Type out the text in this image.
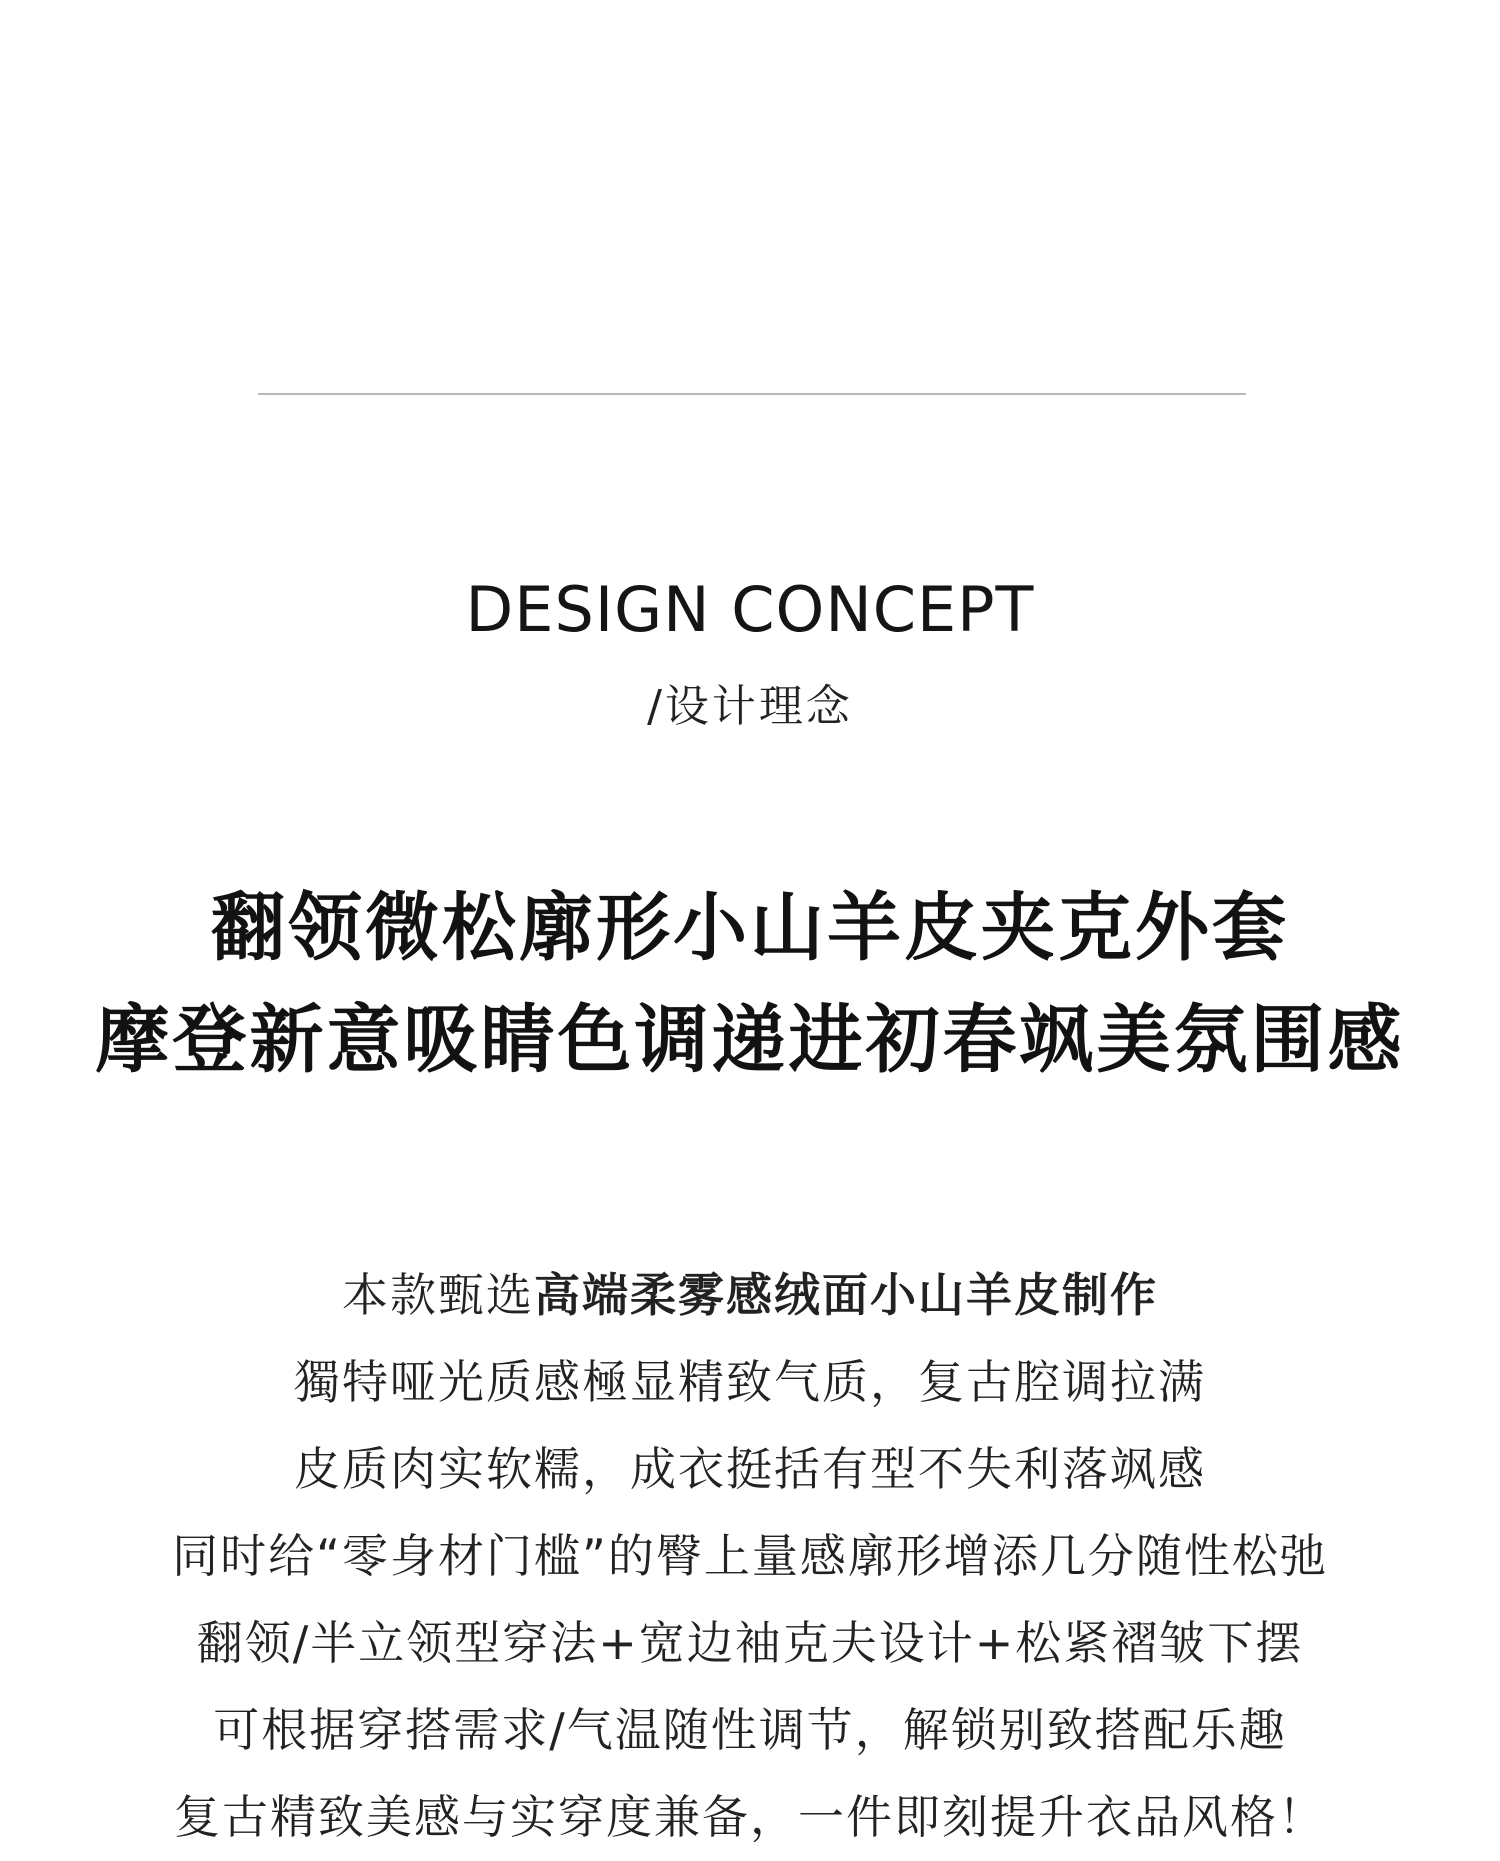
DESIGN CONCEPT
/设计理念
翻领微松廓形小山羊皮夹克外套
摩登新意吸睛色调递进初春飒美氛围感
本款甄选高端柔雾感绒面小山羊皮制作
獨特哑光质感極显精致气质，复古腔调拉满
皮质肉实软糯，成衣挺括有型不失利落飒感
同时给“零身材门槛”的臀上量感廓形增添几分随性松弛
翻领/半立领型穿法+宽边袖克夫设计+松紧褶皱下摆
可根据穿搭需求/气温随性调节，解锁别致搭配乐趣
复古精致美感与实穿度兼备，一件即刻提升衣品风格！
